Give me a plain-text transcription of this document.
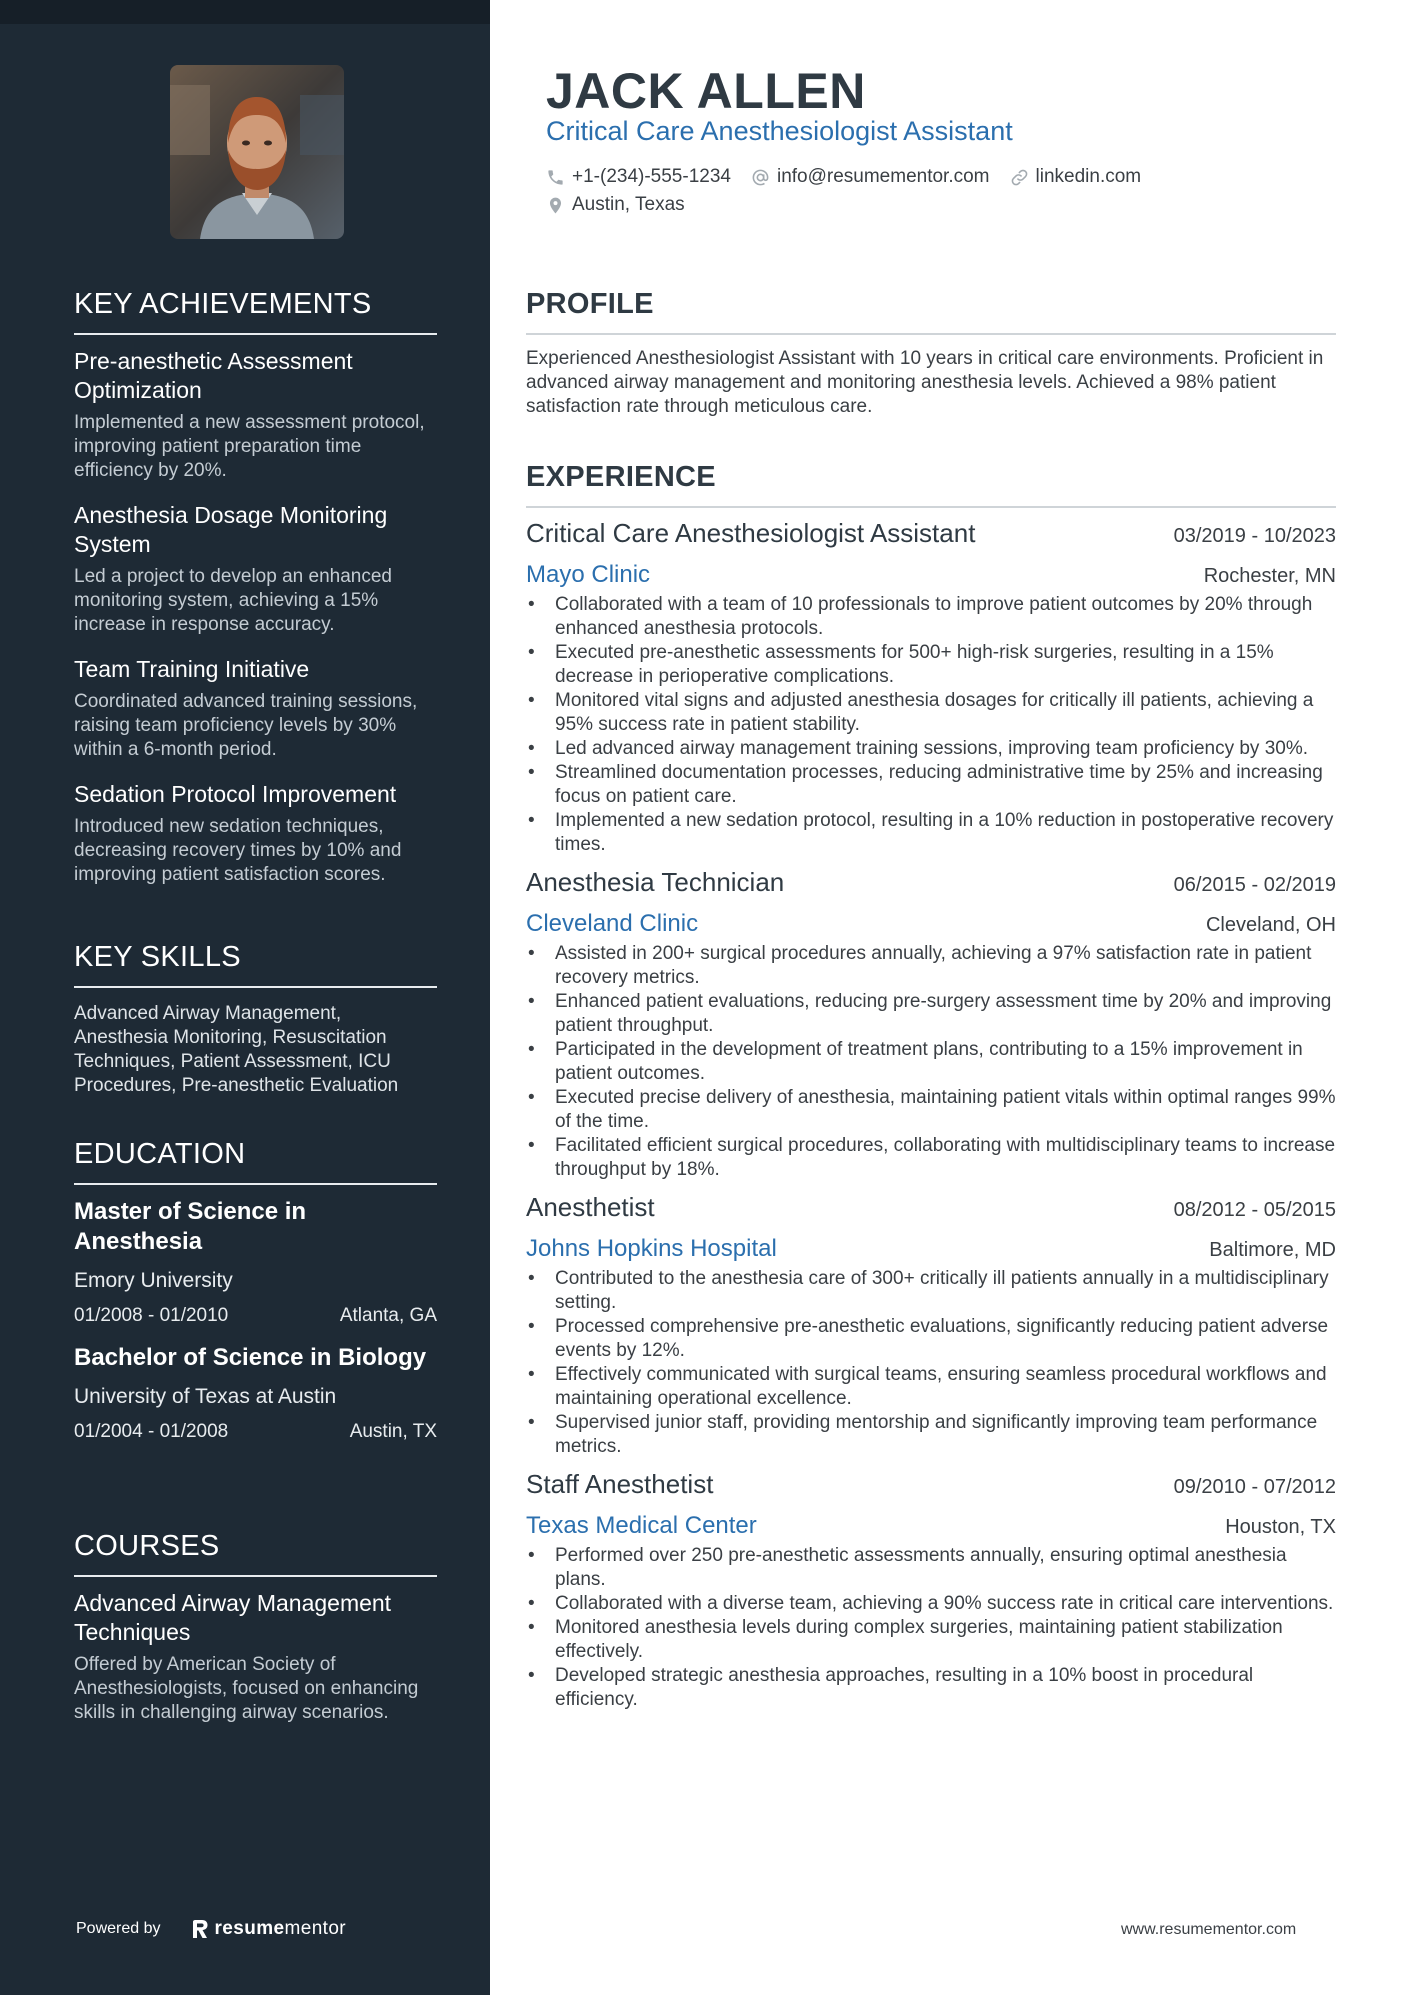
KEY ACHIEVEMENTS
Pre-anesthetic Assessment Optimization
Implemented a new assessment protocol, improving patient preparation time efficiency by 20%.
Anesthesia Dosage Monitoring System
Led a project to develop an enhanced monitoring system, achieving a 15% increase in response accuracy.
Team Training Initiative
Coordinated advanced training sessions, raising team proficiency levels by 30% within a 6-month period.
Sedation Protocol Improvement
Introduced new sedation techniques, decreasing recovery times by 10% and improving patient satisfaction scores.
KEY SKILLS
Advanced Airway Management, Anesthesia Monitoring, Resuscitation Techniques, Patient Assessment, ICU Procedures, Pre-anesthetic Evaluation
EDUCATION
Master of Science in Anesthesia
Emory University
01/2008 - 01/2010	Atlanta, GA
Bachelor of Science in Biology
University of Texas at Austin
01/2004 - 01/2008	Austin, TX
COURSES
Advanced Airway Management Techniques
Offered by American Society of Anesthesiologists, focused on enhancing skills in challenging airway scenarios.
Powered by	resume mentor
JACK ALLEN
Critical Care Anesthesiologist Assistant
+1-(234)-555-1234 info@resumementor.com linkedin.com
Austin, Texas
PROFILE

Experienced Anesthesiologist Assistant with 10 years in critical care environments. Proficient in advanced airway management and monitoring anesthesia levels. Achieved a 98% patient satisfaction rate through meticulous care.

EXPERIENCE
Critical Care Anesthesiologist Assistant	03/2019 - 10/2023
Mayo Clinic	Rochester, MN
• Collaborated with a team of 10 professionals to improve patient outcomes by 20% through enhanced anesthesia protocols.
• Executed pre-anesthetic assessments for 500+ high-risk surgeries, resulting in a 15% decrease in perioperative complications.
• Monitored vital signs and adjusted anesthesia dosages for critically ill patients, achieving a 95% success rate in patient stability.
• Led advanced airway management training sessions, improving team proficiency by 30%.
• Streamlined documentation processes, reducing administrative time by 25% and increasing focus on patient care.
• Implemented a new sedation protocol, resulting in a 10% reduction in postoperative recovery times.
Anesthesia Technician	06/2015 - 02/2019
Cleveland Clinic	Cleveland, OH
• Assisted in 200+ surgical procedures annually, achieving a 97% satisfaction rate in patient recovery metrics.
• Enhanced patient evaluations, reducing pre-surgery assessment time by 20% and improving patient throughput.
• Participated in the development of treatment plans, contributing to a 15% improvement in patient outcomes.
• Executed precise delivery of anesthesia, maintaining patient vitals within optimal ranges 99% of the time.
• Facilitated efficient surgical procedures, collaborating with multidisciplinary teams to increase throughput by 18%.
Anesthetist	08/2012 - 05/2015
Johns Hopkins Hospital	Baltimore, MD
• Contributed to the anesthesia care of 300+ critically ill patients annually in a multidisciplinary setting.
• Processed comprehensive pre-anesthetic evaluations, significantly reducing patient adverse events by 12%.
• Effectively communicated with surgical teams, ensuring seamless procedural workflows and maintaining operational excellence.
• Supervised junior staff, providing mentorship and significantly improving team performance metrics.
Staff Anesthetist	09/2010 - 07/2012
Texas Medical Center	Houston, TX
• Performed over 250 pre-anesthetic assessments annually, ensuring optimal anesthesia plans.
• Collaborated with a diverse team, achieving a 90% success rate in critical care interventions.
• Monitored anesthesia levels during complex surgeries, maintaining patient stabilization effectively.
• Developed strategic anesthesia approaches, resulting in a 10% boost in procedural efficiency.
www.resumementor.com
